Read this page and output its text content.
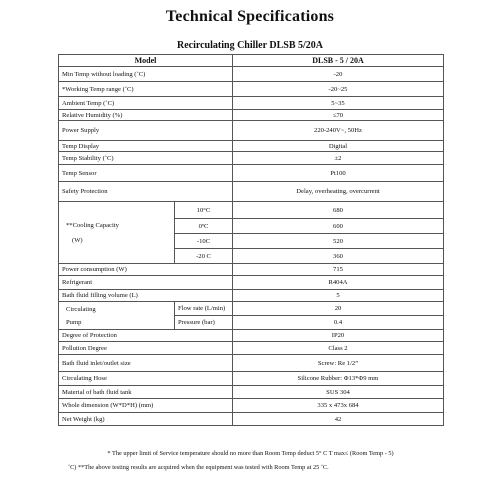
Technical Specifications
Recirculating Chiller DLSB 5/20A
Model		DLSB - 5 / 20A
Min Temp without loading (˚C)		-20
*Working Temp range (˚C)		-20~25
Ambient Temp (˚C)		5~35
Relative Humidity (%)		≤70
Power Supply		220-240V~, 50Hz
Temp Display		Digital
Temp Stability (˚C)		±2
Temp Sensor		Pt100
Safety Protection		Delay, overheating, overcurrent

**Cooling Capacity
(W)	10°C	680
	0ºC	600
	-10C	520
	-20 C	360
Power consumption (W)		715
Refrigerant		R404A
Bath fluid filling volume (L)		5

Circulating
Pump	Flow rate (L/min)	20
	Pressure (bar)	0.4
Degree of Protection		IP20
Pollution Degree		Class 2
Bath fluid inlet/outlet size		Screw: Re 1/2”
Circulating Hose		Silicone Rubber: Φ13*Φ9 mm
Material of bath fluid tank		SUS 304
Whole dimension (W*D*H) (mm)		335 x 473x 684
Net Weight (kg)		42
* The upper limit of Service temperature should no more than Room Temp deduct 5° C T max≤ (Room Temp - 5)
˚C) **The above testing results are acquired when the equipment was tested with Room Temp at 25 ˚C.
